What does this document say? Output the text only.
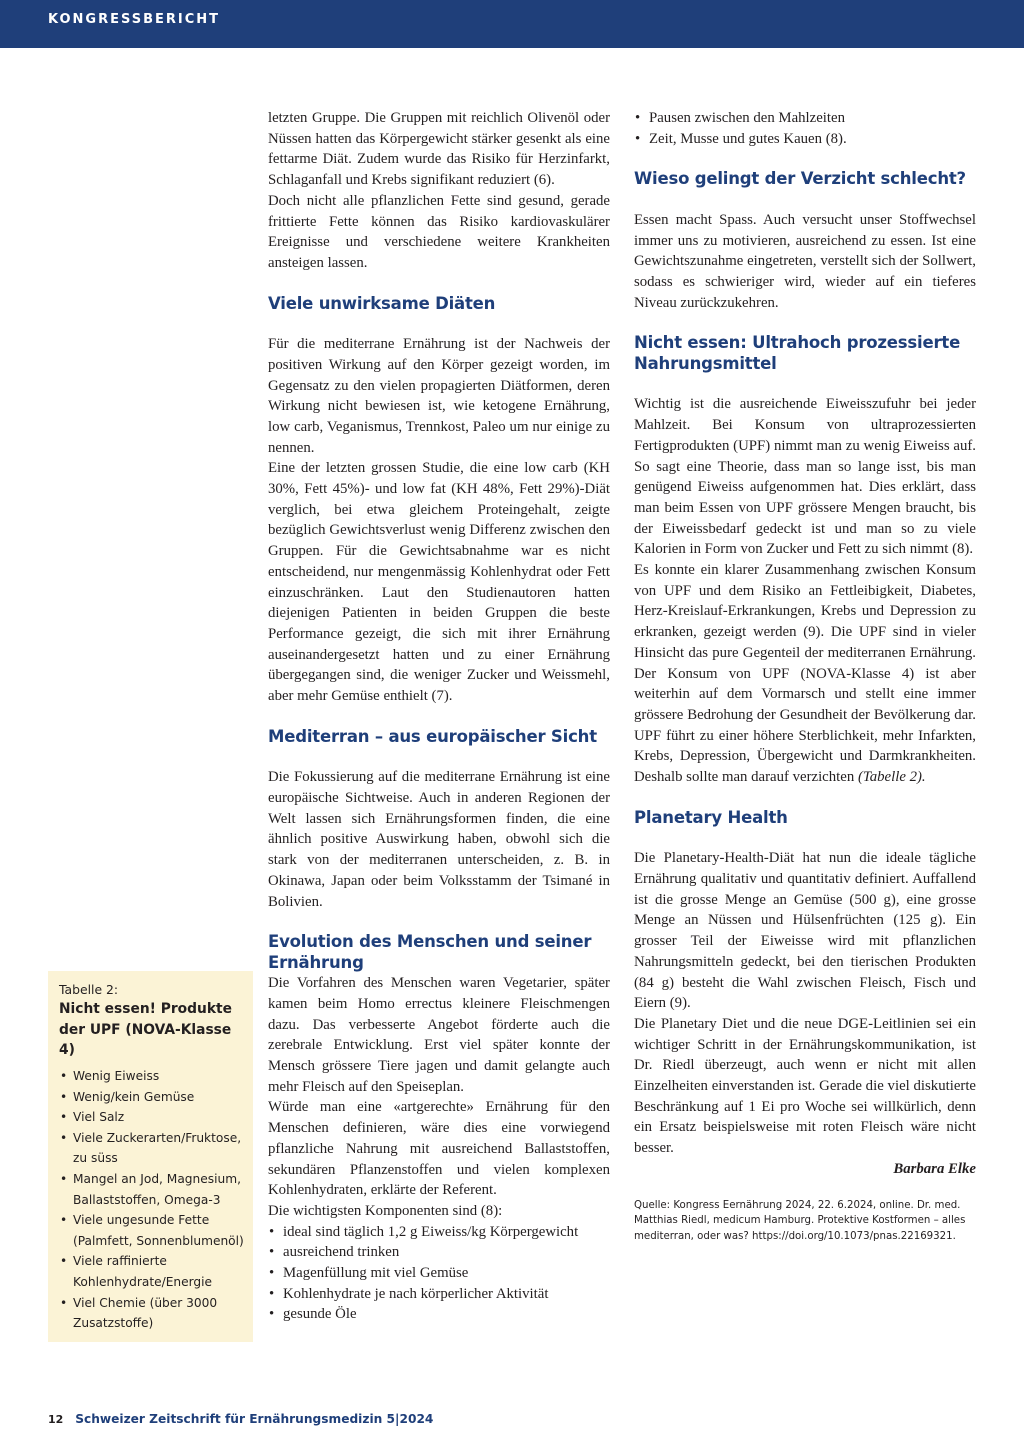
KONGRESSBERICHT

letzten Gruppe. Die Gruppen mit reichlich Olivenöl oder Nüssen hatten das Körpergewicht stärker gesenkt als eine fettarme Diät. Zudem wurde das Risiko für Herzinfarkt, Schlaganfall und Krebs signifikant reduziert (6).

Doch nicht alle pflanzlichen Fette sind gesund, gerade frittierte Fette können das Risiko kardiovaskulärer Ereignisse und verschiedene weitere Krankheiten ansteigen lassen.

Viele unwirksame Diäten

Für die mediterrane Ernährung ist der Nachweis der positiven Wirkung auf den Körper gezeigt worden, im Gegensatz zu den vielen propagierten Diätformen, deren Wirkung nicht bewiesen ist, wie ketogene Ernährung, low carb, Veganismus, Trennkost, Paleo um nur einige zu nennen.

Eine der letzten grossen Studie, die eine low carb (KH 30%, Fett 45%)- und low fat (KH 48%, Fett 29%)-Diät verglich, bei etwa gleichem Proteingehalt, zeigte bezüglich Gewichtsverlust wenig Differenz zwischen den Gruppen. Für die Gewichtsabnahme war es nicht entscheidend, nur mengenmässig Kohlenhydrat oder Fett einzuschränken. Laut den Studienautoren hatten diejenigen Patienten in beiden Gruppen die beste Performance gezeigt, die sich mit ihrer Ernährung auseinandergesetzt hatten und zu einer Ernährung übergegangen sind, die weniger Zucker und Weissmehl, aber mehr Gemüse enthielt (7).

Mediterran – aus europäischer Sicht

Die Fokussierung auf die mediterrane Ernährung ist eine europäische Sichtweise. Auch in anderen Regionen der Welt lassen sich Ernährungsformen finden, die eine ähnlich positive Auswirkung haben, obwohl sich die stark von der mediterranen unterscheiden, z. B. in Okinawa, Japan oder beim Volksstamm der Tsimané in Bolivien.

Evolution des Menschen und seiner Ernährung

Die Vorfahren des Menschen waren Vegetarier, später kamen beim Homo errectus kleinere Fleischmengen dazu. Das verbesserte Angebot förderte auch die zerebrale Entwicklung. Erst viel später konnte der Mensch grössere Tiere jagen und damit gelangte auch mehr Fleisch auf den Speiseplan.

Würde man eine «artgerechte» Ernährung für den Menschen definieren, wäre dies eine vorwiegend pflanzliche Nahrung mit ausreichend Ballaststoffen, sekundären Pflanzenstoffen und vielen komplexen Kohlenhydraten, erklärte der Referent.

Die wichtigsten Komponenten sind (8):

• ideal sind täglich 1,2 g Eiweiss/kg Körpergewicht
• ausreichend trinken
• Magenfüllung mit viel Gemüse
• Kohlenhydrate je nach körperlicher Aktivität
• gesunde Öle
• Pausen zwischen den Mahlzeiten
• Zeit, Musse und gutes Kauen (8).
Wieso gelingt der Verzicht schlecht?

Essen macht Spass. Auch versucht unser Stoffwechsel immer uns zu motivieren, ausreichend zu essen. Ist eine Gewichtszunahme eingetreten, verstellt sich der Sollwert, sodass es schwieriger wird, wieder auf ein tieferes Niveau zurückzukehren.

Nicht essen: Ultrahoch prozessierte Nahrungsmittel

Wichtig ist die ausreichende Eiweisszufuhr bei jeder Mahlzeit. Bei Konsum von ultraprozessierten Fertigprodukten (UPF) nimmt man zu wenig Eiweiss auf. So sagt eine Theorie, dass man so lange isst, bis man genügend Eiweiss aufgenommen hat. Dies erklärt, dass man beim Essen von UPF grössere Mengen braucht, bis der Eiweissbedarf gedeckt ist und man so zu viele Kalorien in Form von Zucker und Fett zu sich nimmt (8).

Es konnte ein klarer Zusammenhang zwischen Konsum von UPF und dem Risiko an Fettleibigkeit, Diabetes, Herz-Kreislauf-Erkrankungen, Krebs und Depression zu erkranken, gezeigt werden (9). Die UPF sind in vieler Hinsicht das pure Gegenteil der mediterranen Ernährung. Der Konsum von UPF (NOVA-Klasse 4) ist aber weiterhin auf dem Vormarsch und stellt eine immer grössere Bedrohung der Gesundheit der Bevölkerung dar. UPF führt zu einer höhere Sterblichkeit, mehr Infarkten, Krebs, Depression, Übergewicht und Darmkrankheiten. Deshalb sollte man darauf verzichten (Tabelle 2).

Planetary Health

Die Planetary-Health-Diät hat nun die ideale tägliche Ernährung qualitativ und quantitativ definiert. Auffallend ist die grosse Menge an Gemüse (500 g), eine grosse Menge an Nüssen und Hülsenfrüchten (125 g). Ein grosser Teil der Eiweisse wird mit pflanzlichen Nahrungsmitteln gedeckt, bei den tierischen Produkten (84 g) besteht die Wahl zwischen Fleisch, Fisch und Eiern (9).

Die Planetary Diet und die neue DGE-Leitlinien sei ein wichtiger Schritt in der Ernährungskommunikation, ist Dr. Riedl überzeugt, auch wenn er nicht mit allen Einzelheiten einverstanden ist. Gerade die viel diskutierte Beschränkung auf 1 Ei pro Woche sei willkürlich, denn ein Ersatz beispielsweise mit roten Fleisch wäre nicht besser.

Barbara Elke

Quelle: Kongress Eernährung 2024, 22. 6.2024, online. Dr. med. Matthias Riedl, medicum Hamburg. Protektive Kostformen – alles mediterran, oder was? https://doi.org/10.1073/pnas.22169321.

Tabelle 2:
Nicht essen! Produkte der UPF (NOVA-Klasse 4)
• Wenig Eiweiss
• Wenig/kein Gemüse
• Viel Salz
• Viele Zuckerarten/Fruktose, zu süss
• Mangel an Jod, Magnesium, Ballaststoffen, Omega-3
• Viele ungesunde Fette (Palmfett, Sonnenblumenöl)
• Viele raffinierte Kohlenhydrate/Energie
• Viel Chemie (über 3000 Zusatzstoffe)
12 Schweizer Zeitschrift für Ernährungsmedizin 5|2024
